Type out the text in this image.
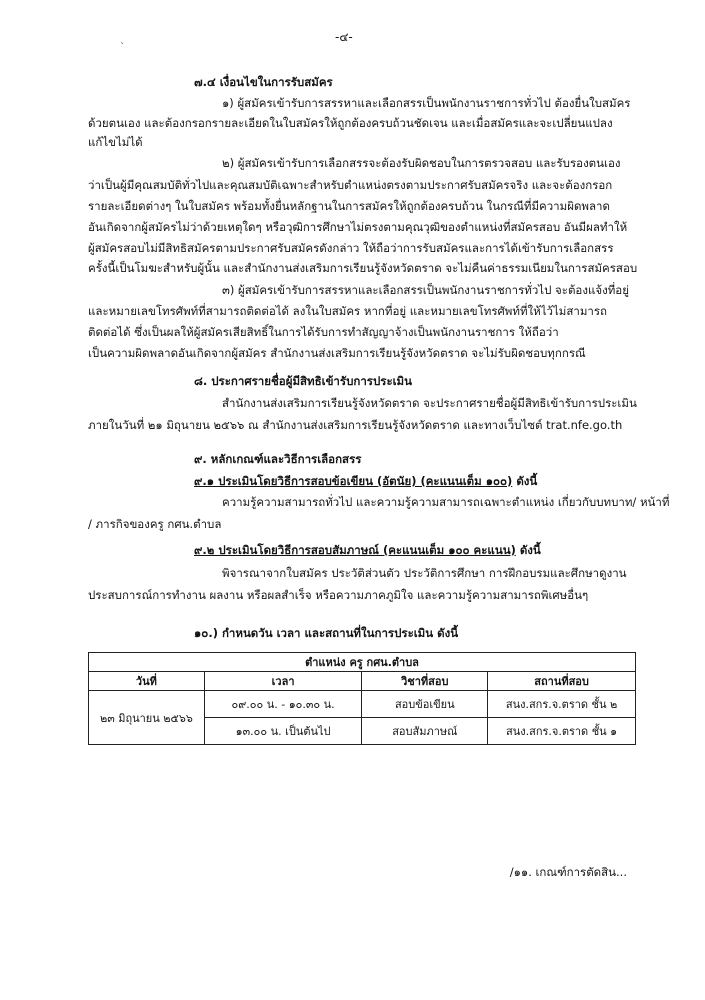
-๔-
ˋ
๗.๔ เงื่อนไขในการรับสมัคร
๑) ผู้สมัครเข้ารับการสรรหาและเลือกสรรเป็นพนักงานราชการทั่วไป ต้องยื่นใบสมัคร
ด้วยตนเอง และต้องกรอกรายละเอียดในใบสมัครให้ถูกต้องครบถ้วนชัดเจน และเมื่อสมัครและจะเปลี่ยนแปลง
แก้ไขไม่ได้
๒) ผู้สมัครเข้ารับการเลือกสรรจะต้องรับผิดชอบในการตรวจสอบ และรับรองตนเอง
ว่าเป็นผู้มีคุณสมบัติทั่วไปและคุณสมบัติเฉพาะสำหรับตำแหน่งตรงตามประกาศรับสมัครจริง และจะต้องกรอก
รายละเอียดต่างๆ ในใบสมัคร พร้อมทั้งยื่นหลักฐานในการสมัครให้ถูกต้องครบถ้วน ในกรณีที่มีความผิดพลาด
อันเกิดจากผู้สมัครไม่ว่าด้วยเหตุใดๆ หรือวุฒิการศึกษาไม่ตรงตามคุณวุฒิของตำแหน่งที่สมัครสอบ อันมีผลทำให้
ผู้สมัครสอบไม่มีสิทธิสมัครตามประกาศรับสมัครดังกล่าว ให้ถือว่าการรับสมัครและการได้เข้ารับการเลือกสรร
ครั้งนี้เป็นโมฆะสำหรับผู้นั้น และสำนักงานส่งเสริมการเรียนรู้จังหวัดตราด จะไม่คืนค่าธรรมเนียมในการสมัครสอบ
๓) ผู้สมัครเข้ารับการสรรหาและเลือกสรรเป็นพนักงานราชการทั่วไป จะต้องแจ้งที่อยู่
และหมายเลขโทรศัพท์ที่สามารถติดต่อได้ ลงในใบสมัคร หากที่อยู่ และหมายเลขโทรศัพท์ที่ให้ไว้ไม่สามารถ
ติดต่อได้ ซึ่งเป็นผลให้ผู้สมัครเสียสิทธิ์ในการได้รับการทำสัญญาจ้างเป็นพนักงานราชการ ให้ถือว่า
เป็นความผิดพลาดอันเกิดจากผู้สมัคร สำนักงานส่งเสริมการเรียนรู้จังหวัดตราด จะไม่รับผิดชอบทุกกรณี
๘. ประกาศรายชื่อผู้มีสิทธิเข้ารับการประเมิน
สำนักงานส่งเสริมการเรียนรู้จังหวัดตราด จะประกาศรายชื่อผู้มีสิทธิเข้ารับการประเมิน
ภายในวันที่ ๒๑ มิถุนายน ๒๕๖๖ ณ สำนักงานส่งเสริมการเรียนรู้จังหวัดตราด และทางเว็บไซต์ trat.nfe.go.th
๙. หลักเกณฑ์และวิธีการเลือกสรร
๙.๑ ประเมินโดยวิธีการสอบข้อเขียน (อัตนัย) (คะแนนเต็ม ๑๐๐) ดังนี้
ความรู้ความสามารถทั่วไป และความรู้ความสามารถเฉพาะตำแหน่ง เกี่ยวกับบทบาท/ หน้าที่
/ ภารกิจของครู กศน.ตำบล
๙.๒ ประเมินโดยวิธีการสอบสัมภาษณ์ (คะแนนเต็ม ๑๐๐ คะแนน) ดังนี้
พิจารณาจากใบสมัคร ประวัติส่วนตัว ประวัติการศึกษา การฝึกอบรมและศึกษาดูงาน
ประสบการณ์การทำงาน ผลงาน หรือผลสำเร็จ หรือความภาคภูมิใจ และความรู้ความสามารถพิเศษอื่นๆ
๑๐.) กำหนดวัน เวลา และสถานที่ในการประเมิน ดังนี้
ตำแหน่ง ครู กศน.ตำบล			
วันที่	เวลา	วิชาที่สอบ	สถานที่สอบ
๒๓ มิถุนายน ๒๕๖๖	๐๙.๐๐ น. - ๑๐.๓๐ น.	สอบข้อเขียน	สนง.สกร.จ.ตราด ชั้น ๒
	๑๓.๐๐ น. เป็นต้นไป	สอบสัมภาษณ์	สนง.สกร.จ.ตราด ชั้น ๑
/๑๑. เกณฑ์การตัดสิน...
